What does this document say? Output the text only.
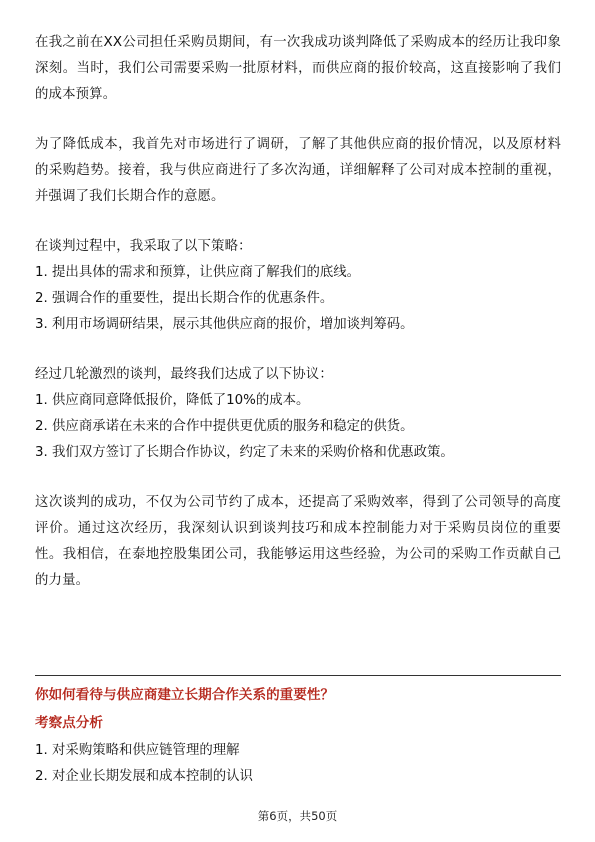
在我之前在XX公司担任采购员期间，有一次我成功谈判降低了采购成本的经历让我印象深刻。当时，我们公司需要采购一批原材料，而供应商的报价较高，这直接影响了我们的成本预算。

为了降低成本，我首先对市场进行了调研，了解了其他供应商的报价情况，以及原材料的采购趋势。接着，我与供应商进行了多次沟通，详细解释了公司对成本控制的重视，并强调了我们长期合作的意愿。

在谈判过程中，我采取了以下策略：

1. 提出具体的需求和预算，让供应商了解我们的底线。
2. 强调合作的重要性，提出长期合作的优惠条件。
3. 利用市场调研结果，展示其他供应商的报价，增加谈判筹码。

经过几轮激烈的谈判，最终我们达成了以下协议：

1. 供应商同意降低报价，降低了10%的成本。
2. 供应商承诺在未来的合作中提供更优质的服务和稳定的供货。
3. 我们双方签订了长期合作协议，约定了未来的采购价格和优惠政策。

这次谈判的成功，不仅为公司节约了成本，还提高了采购效率，得到了公司领导的高度评价。通过这次经历，我深刻认识到谈判技巧和成本控制能力对于采购员岗位的重要性。我相信，在泰地控股集团公司，我能够运用这些经验，为公司的采购工作贡献自己的力量。

你如何看待与供应商建立长期合作关系的重要性？
考察点分析
1. 对采购策略和供应链管理的理解
2. 对企业长期发展和成本控制的认识
第6页，共50页
